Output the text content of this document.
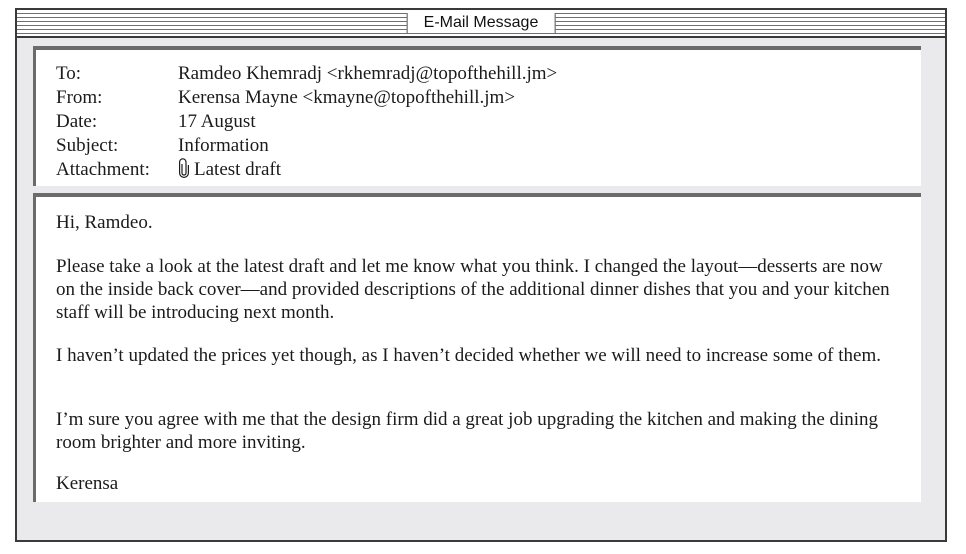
E-Mail Message
To:	Ramdeo Khemradj <rkhemradj@topofthehill.jm>
From:	Kerensa Mayne <kmayne@topofthehill.jm>
Date:	17 August
Subject:	Information
Attachment:	Latest draft
Hi, Ramdeo.
Please take a look at the latest draft and let me know what you think. I changed the layout—desserts are now on the inside back cover—and provided descriptions of the additional dinner dishes that you and your kitchen staff will be introducing next month.
I haven’t updated the prices yet though, as I haven’t decided whether we will need to increase some of them.
I’m sure you agree with me that the design firm did a great job upgrading the kitchen and making the dining room brighter and more inviting.
Kerensa
